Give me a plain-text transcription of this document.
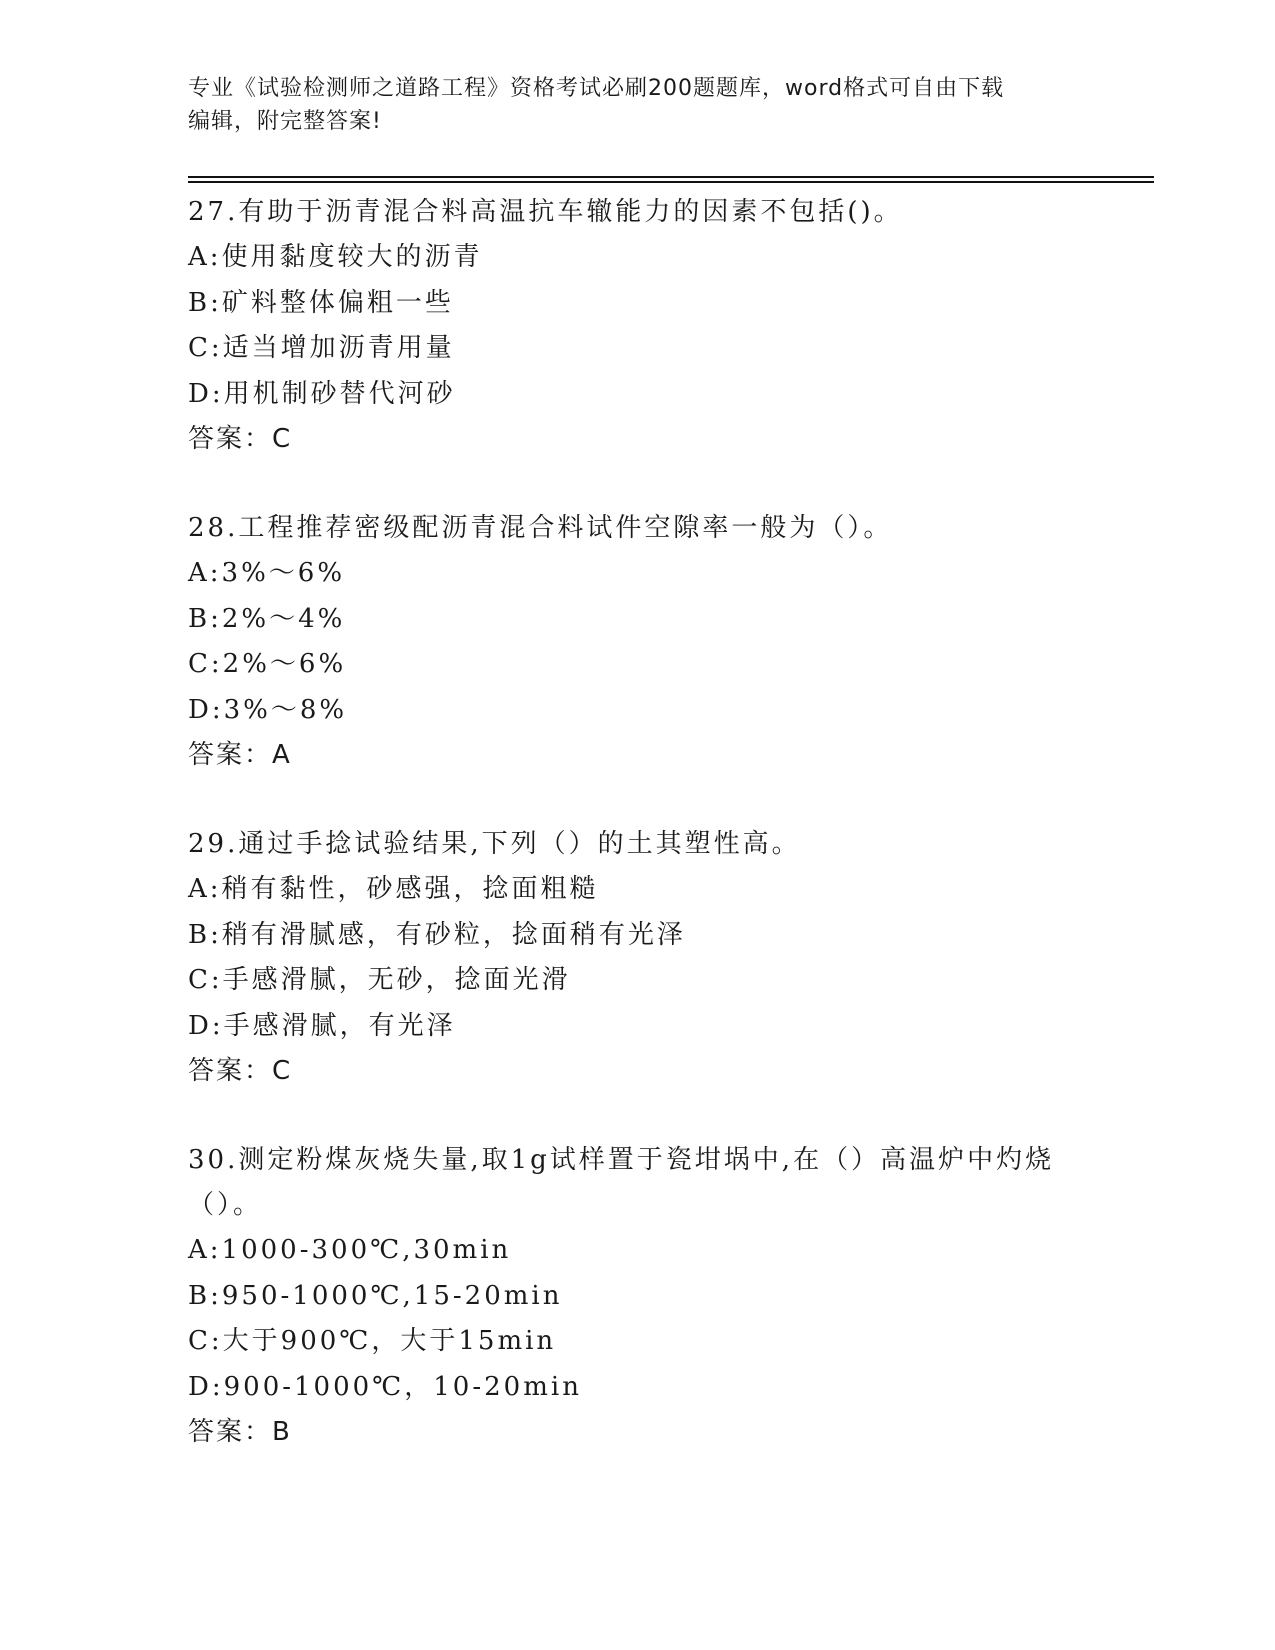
专业《试验检测师之道路工程》资格考试必刷200题题库，word格式可自由下载
编辑，附完整答案!

27.有助于沥青混合料高温抗车辙能力的因素不包括()。

A:使用黏度较大的沥青

B:矿料整体偏粗一些

C:适当增加沥青用量

D:用机制砂替代河砂

答案：C

28.工程推荐密级配沥青混合料试件空隙率一般为（）。

A:3%～6%

B:2%～4%

C:2%～6%

D:3%～8%

答案：A

29.通过手捻试验结果,下列（）的土其塑性高。

A:稍有黏性，砂感强，捻面粗糙

B:稍有滑腻感，有砂粒，捻面稍有光泽

C:手感滑腻，无砂，捻面光滑

D:手感滑腻，有光泽

答案：C

30.测定粉煤灰烧失量,取1g试样置于瓷坩埚中,在（）高温炉中灼烧

（）。

A:1000-300℃,30min

B:950-1000℃,15-20min

C:大于900℃，大于15min

D:900-1000℃，10-20min

答案：B
